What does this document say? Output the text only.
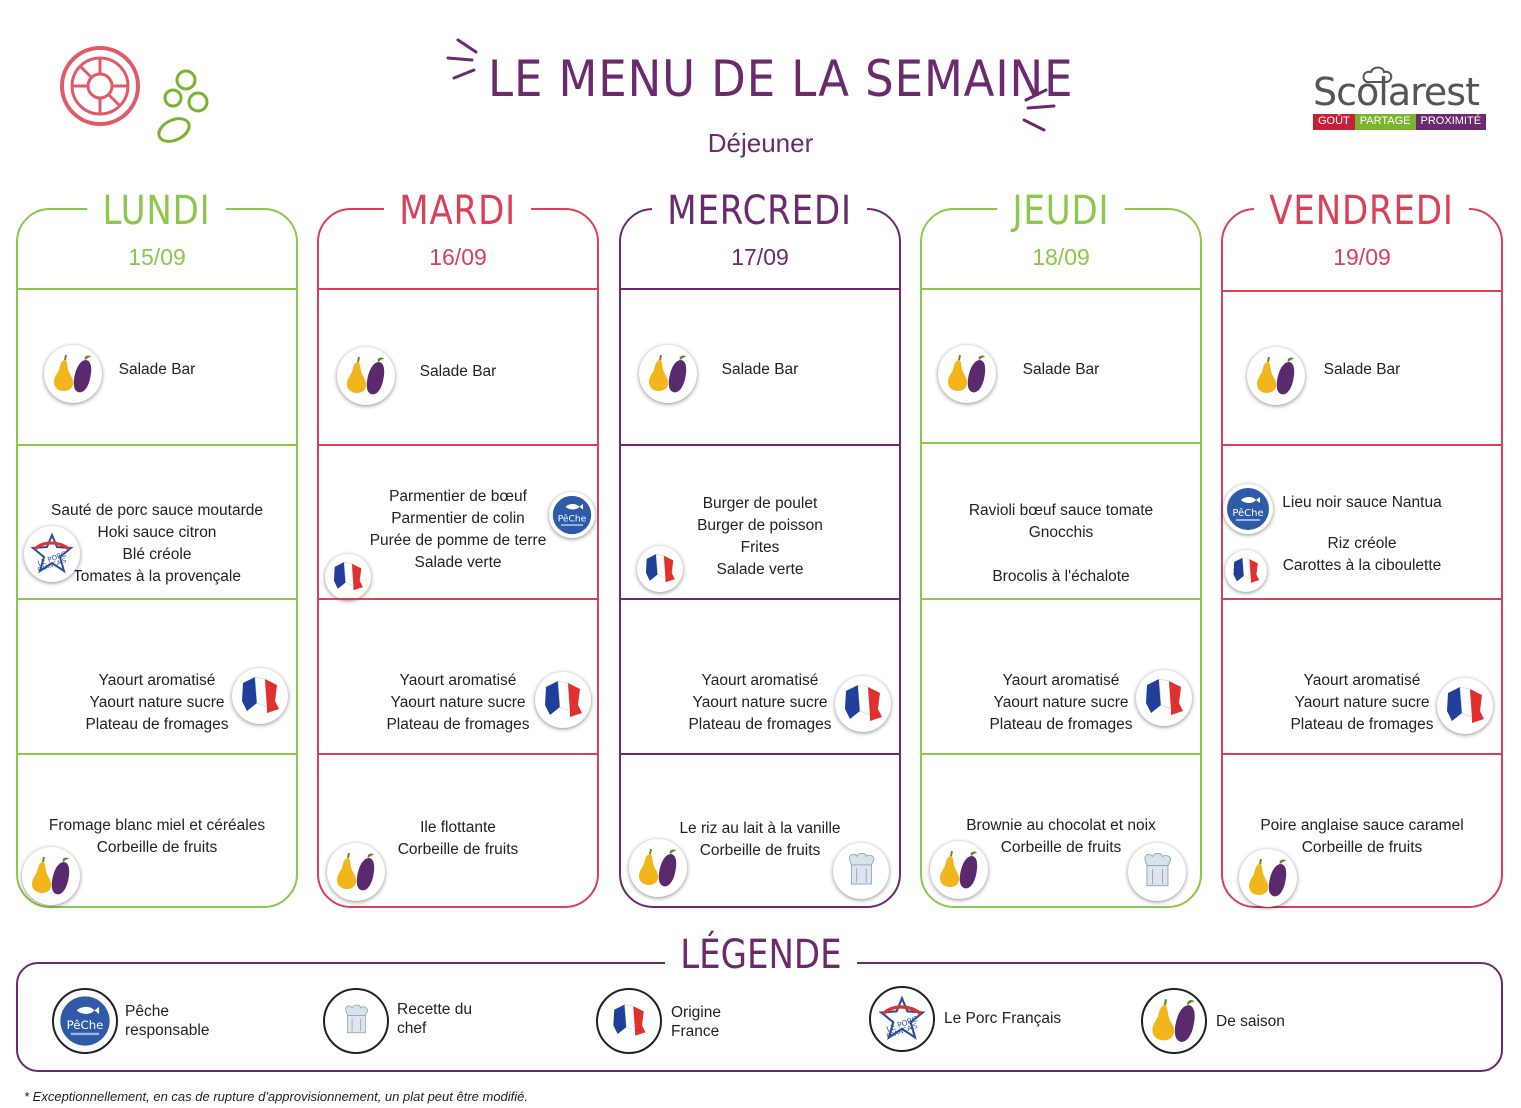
LE MENU DE LA SEMAINE
Déjeuner
Scolarest
GOÛT PARTAGE PROXIMITÉ
LUNDI
15/09
Salade Bar
Sauté de porc sauce moutarde
Hoki sauce citron
Blé créole
Tomates à la provençale
Yaourt aromatisé
Yaourt nature sucre
Plateau de fromages
Fromage blanc miel et céréales
Corbeille de fruits
MARDI
16/09
Salade Bar
Parmentier de bœuf
Parmentier de colin
Purée de pomme de terre
Salade verte
Yaourt aromatisé
Yaourt nature sucre
Plateau de fromages
Ile flottante
Corbeille de fruits
MERCREDI
17/09
Salade Bar
Burger de poulet
Burger de poisson
Frites
Salade verte
Yaourt aromatisé
Yaourt nature sucre
Plateau de fromages
Le riz au lait à la vanille
Corbeille de fruits
JEUDI
18/09
Salade Bar
Ravioli bœuf sauce tomate
Gnocchis
Brocolis à l'échalote
Yaourt aromatisé
Yaourt nature sucre
Plateau de fromages
Brownie au chocolat et noix
Corbeille de fruits
VENDREDI
19/09
Salade Bar
Lieu noir sauce Nantua
Riz créole
Carottes à la ciboulette
Yaourt aromatisé
Yaourt nature sucre
Plateau de fromages
Poire anglaise sauce caramel
Corbeille de fruits
LÉGENDE
Pêche
responsable
Recette du
chef
Origine
France
Le Porc Français	De saison
* Exceptionnellement, en cas de rupture d'approvisionnement, un plat peut être modifié.
